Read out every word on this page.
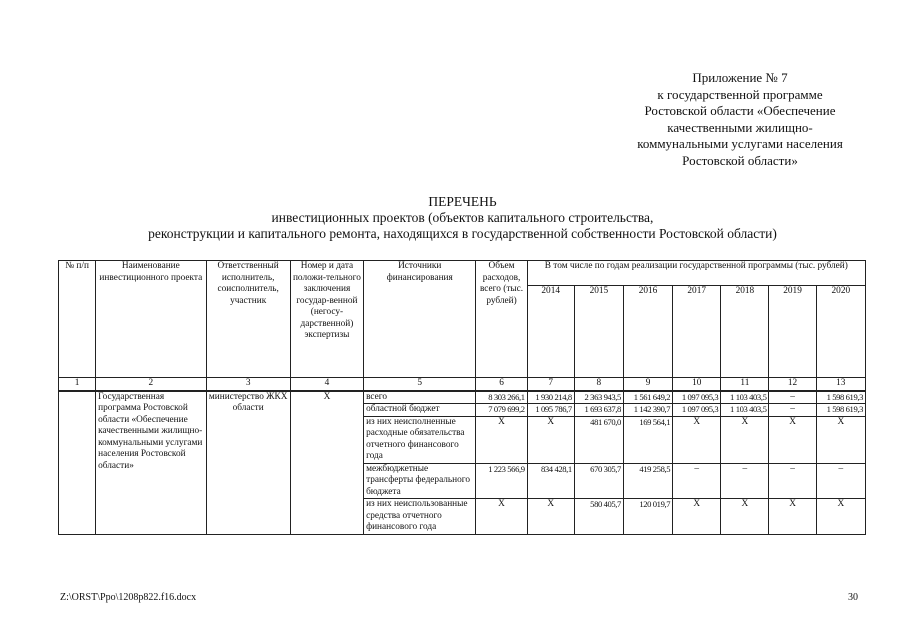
Приложение № 7
к государственной программе
Ростовской области «Обеспечение
качественными жилищно-
коммунальными услугами населения
Ростовской области»
ПЕРЕЧЕНЬ
инвестиционных проектов (объектов капитального строительства,
реконструкции и капитального ремонта, находящихся в государственной собственности Ростовской области)
№ п/п	Наименование инвестиционного проекта	Ответственный исполнитель, соисполнитель, участник	Номер и дата положи-тельного заключения государ-венной (негосу-дарственной) экспертизы	Источники финансирования	Объем расходов, всего (тыс. рублей)	В том числе по годам реализации государственной программы (тыс. рублей)						
						2014	2015	2016	2017	2018	2019	2020
1	2	3	4	5	6	7	8	9	10	11	12	13
	Государственная программа Ростовской области «Обеспечение качественными жилищно-коммунальными услугами населения Ростовской области»	министерство ЖКХ области	Х	всего	8 303 266,1	1 930 214,8	2 363 943,5	1 561 649,2	1 097 095,3	1 103 403,5	–	1 598 619,3
				областной бюджет	7 079 699,2	1 095 786,7	1 693 637,8	1 142 390,7	1 097 095,3	1 103 403,5	–	1 598 619,3
				из них неисполненные расходные обязательства отчетного финансового года	Х	Х	481 670,0	169 564,1	Х	Х	Х	Х
				межбюджетные трансферты федерального бюджета	1 223 566,9	834 428,1	670 305,7	419 258,5	–	–	–	–
				из них неиспользованные средства отчетного финансового года	Х	Х	580 405,7	120 019,7	Х	Х	Х	Х
Z:\ORST\Ppo\1208p822.f16.docx	30
